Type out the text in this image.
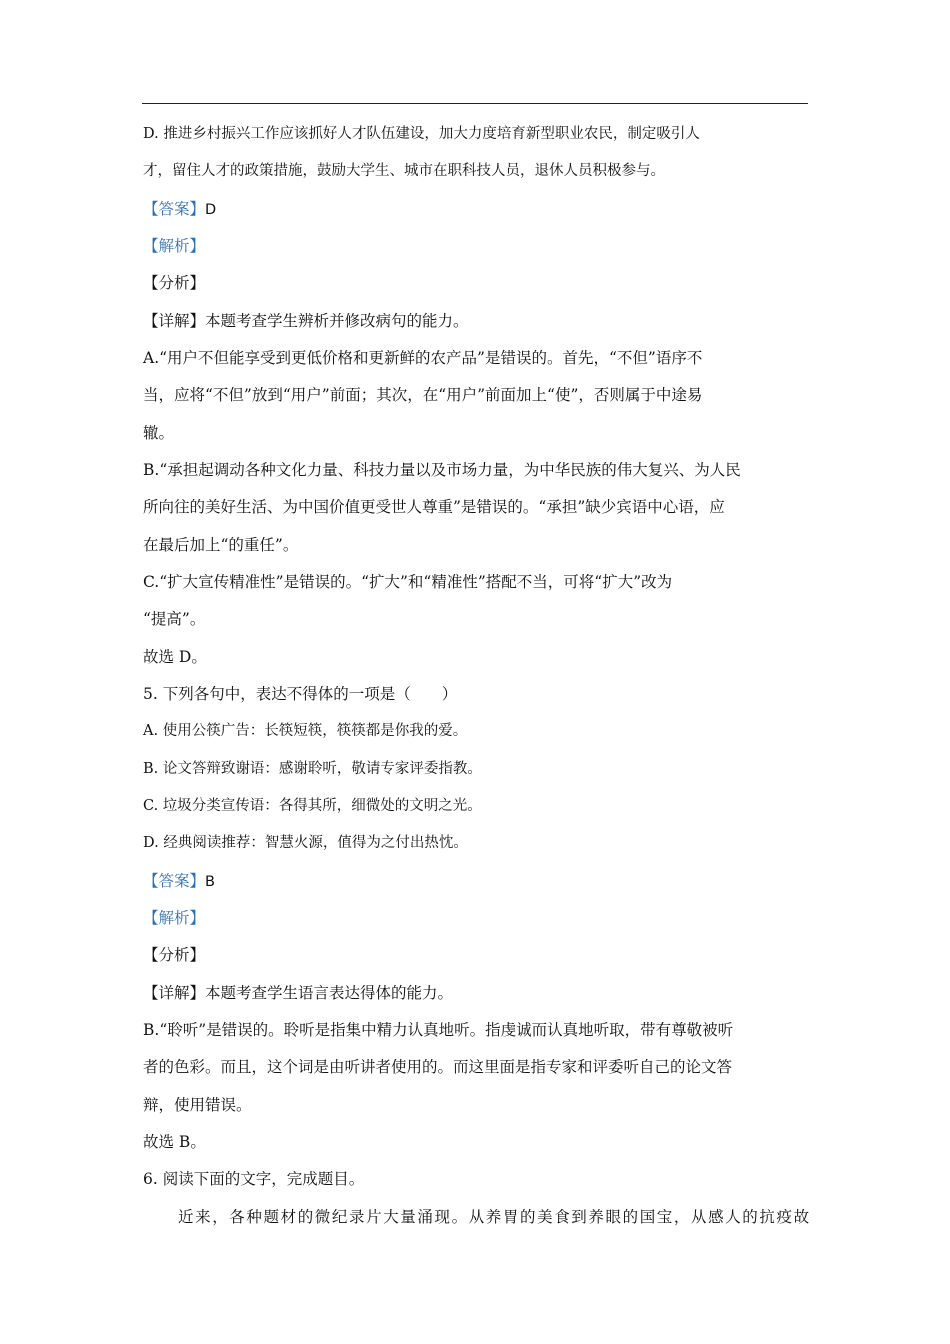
D. 推进乡村振兴工作应该抓好人才队伍建设，加大力度培育新型职业农民，制定吸引人
才，留住人才的政策措施，鼓励大学生、城市在职科技人员，退休人员积极参与。
【答案】D
【解析】
【分析】
【详解】本题考查学生辨析并修改病句的能力。
A.“用户不但能享受到更低价格和更新鲜的农产品”是错误的。首先，“不但”语序不
当，应将“不但”放到“用户”前面；其次，在“用户”前面加上“使”，否则属于中途易
辙。
B.“承担起调动各种文化力量、科技力量以及市场力量，为中华民族的伟大复兴、为人民
所向往的美好生活、为中国价值更受世人尊重”是错误的。“承担”缺少宾语中心语，应
在最后加上“的重任”。
C.“扩大宣传精准性”是错误的。“扩大”和“精准性”搭配不当，可将“扩大”改为
“提高”。
故选 D。
5. 下列各句中，表达不得体的一项是（　　）
A. 使用公筷广告：长筷短筷，筷筷都是你我的爱。
B. 论文答辩致谢语：感谢聆听，敬请专家评委指教。
C. 垃圾分类宣传语：各得其所，细微处的文明之光。
D. 经典阅读推荐：智慧火源，值得为之付出热忱。
【答案】B
【解析】
【分析】
【详解】本题考查学生语言表达得体的能力。
B.“聆听”是错误的。聆听是指集中精力认真地听。指虔诚而认真地听取，带有尊敬被听
者的色彩。而且，这个词是由听讲者使用的。而这里面是指专家和评委听自己的论文答
辩，使用错误。
故选 B。
6. 阅读下面的文字，完成题目。
近来，各种题材的微纪录片大量涌现。从养胃的美食到养眼的国宝，从感人的抗疫故
